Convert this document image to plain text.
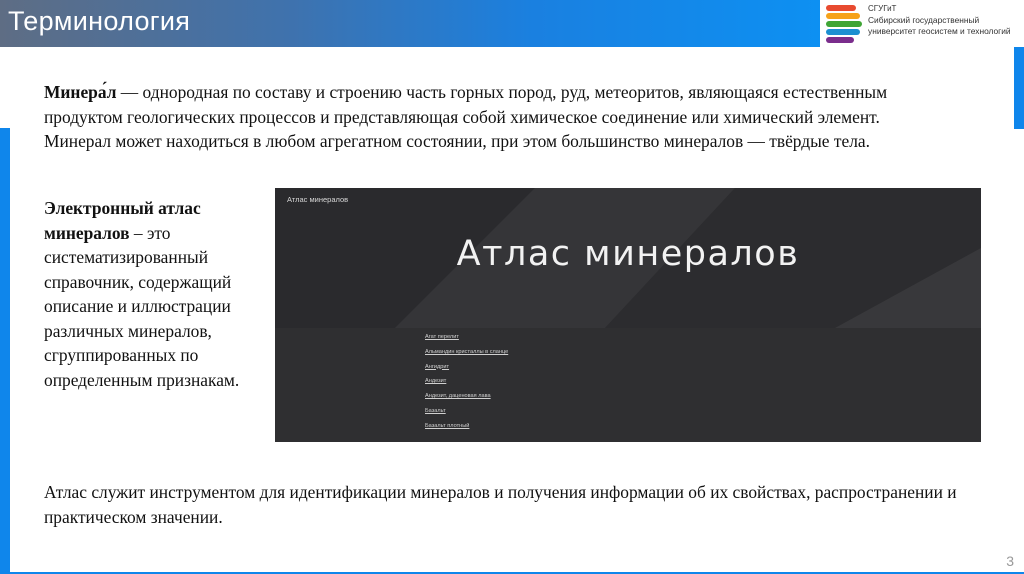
Терминология	СГУГиТ
Сибирский государственный университет геосистем и технологий
Минера́л — однородная по составу и строению часть горных пород, руд, метеоритов, являющаяся естественным продуктом геологических процессов и представляющая собой химическое соединение или химический элемент. Минерал может находиться в любом агрегатном состоянии, при этом большинство минералов — твёрдые тела.
Электронный атлас минералов – это систематизированный справочник, содержащий описание и иллюстрации различных минералов, сгруппированных по определенным признакам.
Атлас минералов
Атлас минералов
Агат перелит
Альмандин кристаллы в сланце
Ангидрит
Андезит
Андезит, даценовая лава
Базальт
Базальт плотный
Атлас служит инструментом для идентификации минералов и получения информации об их свойствах, распространении и практическом значении.
3
